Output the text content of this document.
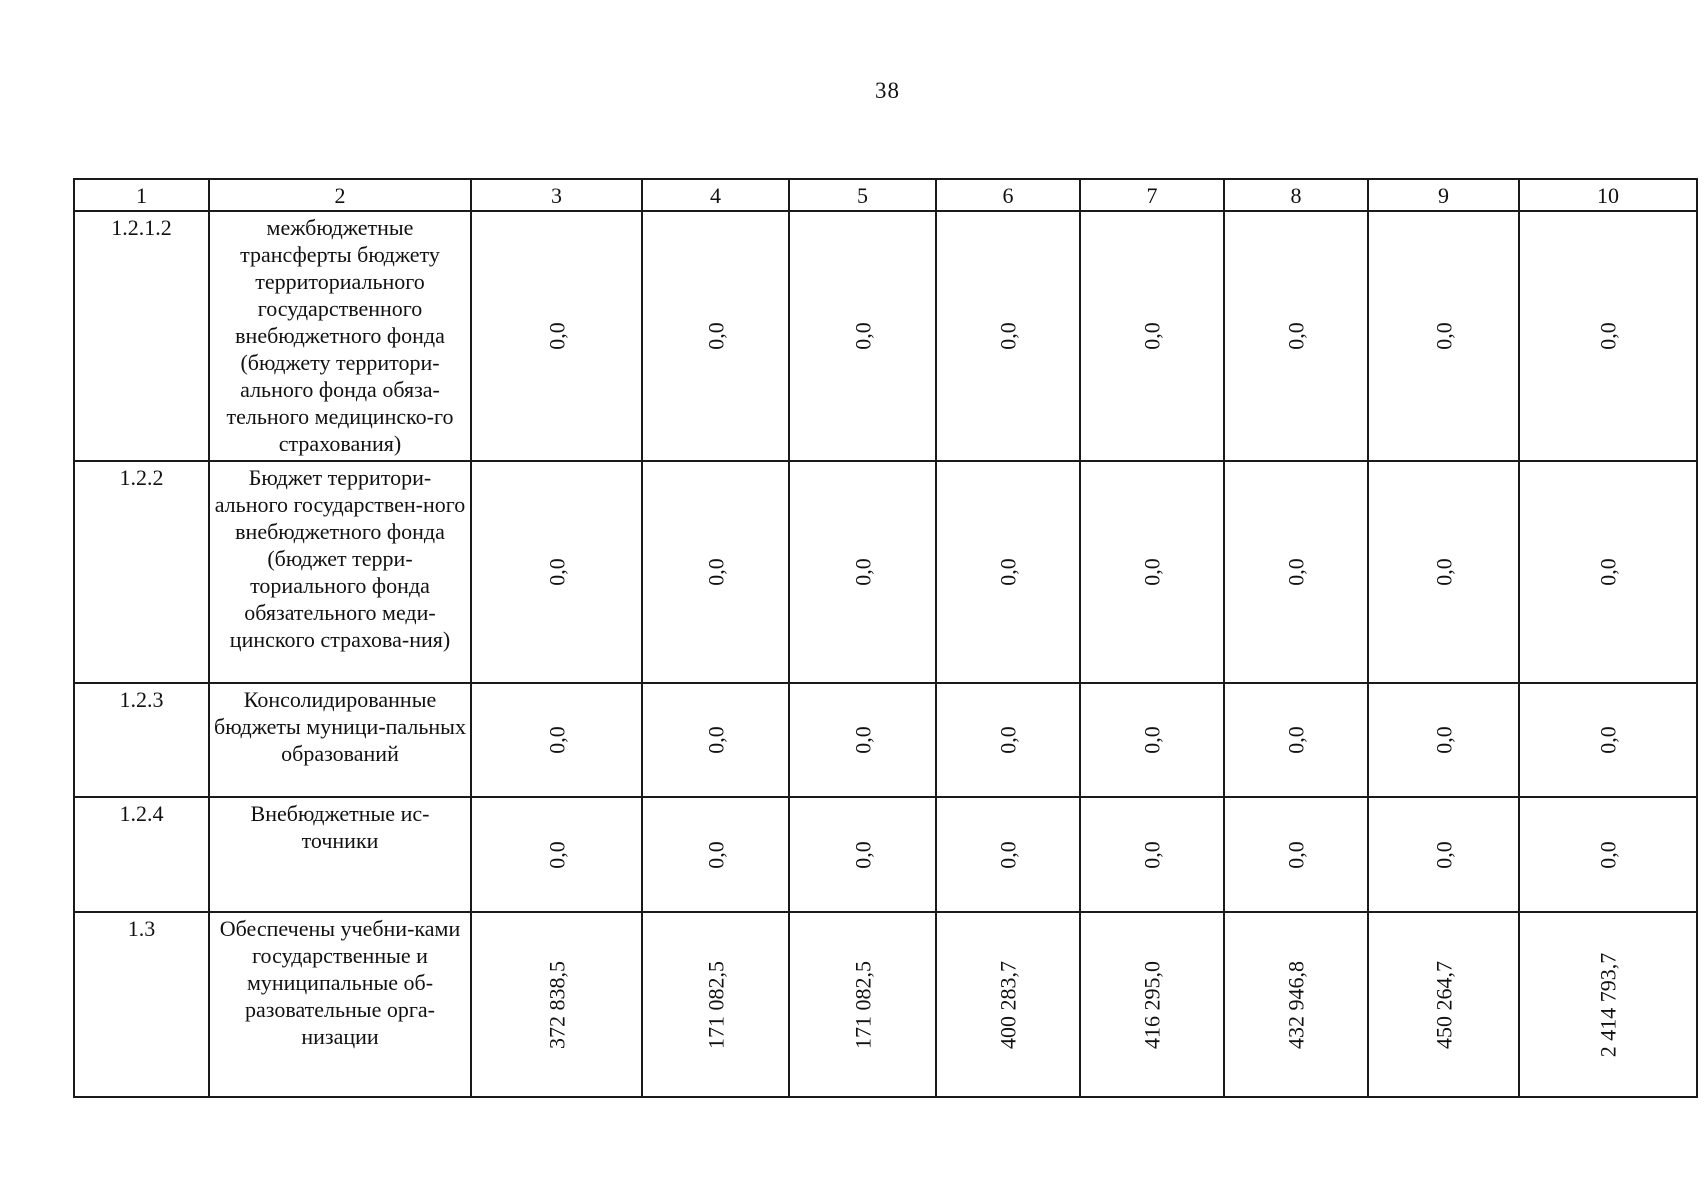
38
1	2	3	4	5	6	7	8	9	10
1.2.1.2	межбюджетные трансферты бюджету территориального государственного внебюджетного фонда (бюджету территори-ального фонда обяза-тельного медицинско-го страхования)	0,0	0,0	0,0	0,0	0,0	0,0	0,0	0,0

1.2.2	Бюджет территори-ального государствен-ного внебюджетного фонда (бюджет терри-ториального фонда обязательного меди-цинского страхова-ния)	0,0	0,0	0,0	0,0	0,0	0,0	0,0	0,0

1.2.3	Консолидированные бюджеты муници-пальных образований	0,0	0,0	0,0	0,0	0,0	0,0	0,0	0,0

1.2.4	Внебюджетные ис-точники	0,0	0,0	0,0	0,0	0,0	0,0	0,0	0,0

1.3	Обеспечены учебни-ками государственные и муниципальные об-разовательные орга-низации	372 838,5	171 082,5	171 082,5	400 283,7	416 295,0	432 946,8	450 264,7	2 414 793,7
